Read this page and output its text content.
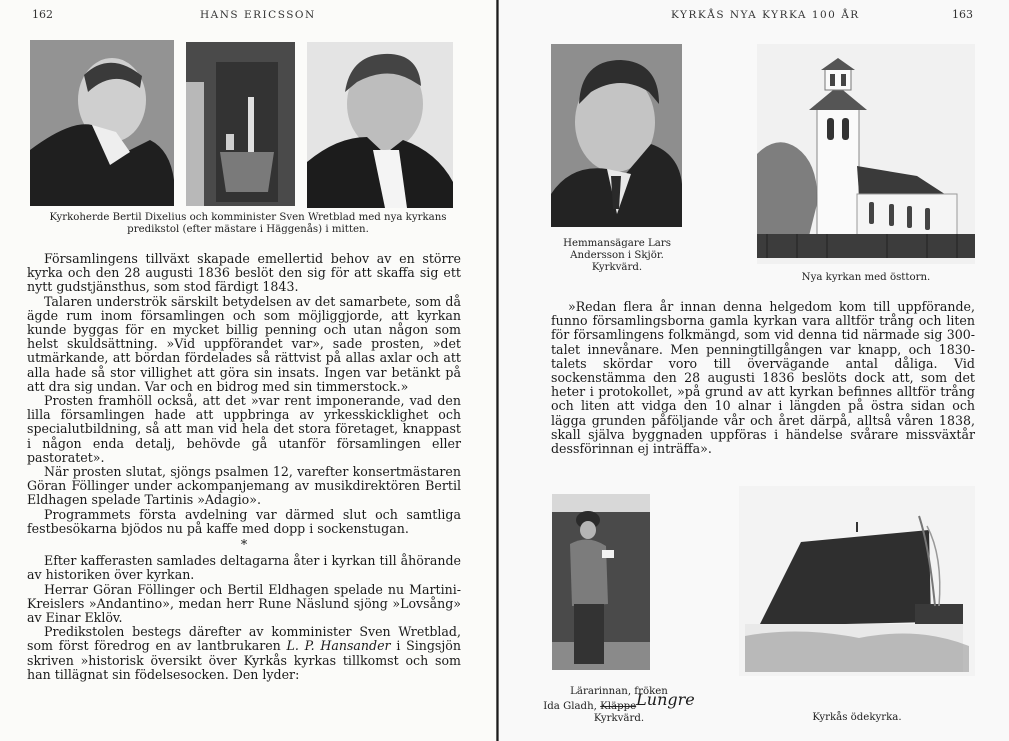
162	HANS ERICSSON
Kyrkoherde Bertil Dixelius och komminister Sven Wretblad med nya kyrkans
predikstol (efter mästare i Häggenås) i mitten.

Församlingens tillväxt skapade emellertid behov av en större kyrka och den 28 augusti 1836 beslöt den sig för att skaffa sig ett nytt gudstjänsthus, som stod färdigt 1843.

Talaren underströk särskilt betydelsen av det samarbete, som då ägde rum inom församlingen och som möjliggjorde, att kyrkan kunde byggas för en mycket billig penning och utan någon som helst skuldsättning. »Vid uppförandet var», sade prosten, »det utmärkande, att bördan fördelades så rättvist på allas axlar och att alla hade så stor villighet att göra sin insats. Ingen var betänkt på att dra sig undan. Var och en bidrog med sin timmerstock.»

Prosten framhöll också, att det »var rent imponerande, vad den lilla församlingen hade att uppbringa av yrkesskicklighet och specialutbildning, så att man vid hela det stora företaget, knappast i någon enda detalj, behövde gå utanför församlingen eller pastoratet».

När prosten slutat, sjöngs psalmen 12, varefter konsertmästaren Göran Föllinger under ackompanjemang av musikdirektören Bertil Eldhagen spelade Tartinis »Adagio».

Programmets första avdelning var därmed slut och samtliga festbesökarna bjödos nu på kaffe med dopp i sockenstugan.

*

Efter kafferasten samlades deltagarna åter i kyrkan till åhörande av historiken över kyrkan.

Herrar Göran Föllinger och Bertil Eldhagen spelade nu Martini-Kreislers »Andantino», medan herr Rune Näslund sjöng »Lovsång» av Einar Eklöv.

Predikstolen bestegs därefter av komminister Sven Wretblad, som först föredrog en av lantbrukaren L. P. Hansander i Singsjön skriven »historisk översikt över Kyrkås kyrkas tillkomst och som han tillägnat sin födelsesocken. Den lyder:

KYRKÅS NYA KYRKA 100 ÅR	163
Hemmansägare Lars
Andersson i Skjör.
Kyrkvärd.
Nya kyrkan med östtorn.

»Redan flera år innan denna helgedom kom till uppförande, funno församlingsborna gamla kyrkan vara alltför trång och liten för församlingens folkmängd, som vid denna tid närmade sig 300-talet innevånare. Men penningtillgången var knapp, och 1830-talets skördar voro till övervägande antal dåliga. Vid sockenstämma den 28 augusti 1836 beslöts dock att, som det heter i protokollet, »på grund av att kyrkan befinnes alltför trång och liten att vidga den 10 alnar i längden på östra sidan och lägga grunden påföljande vår och året därpå, alltså våren 1838, skall själva byggnaden uppföras i händelse svårare missväxtår dessförinnan ej inträffa».

Lärarinnan, fröken
Ida Gladh, KläppeLungre
Kyrkvärd.	Kyrkås ödekyrka.
